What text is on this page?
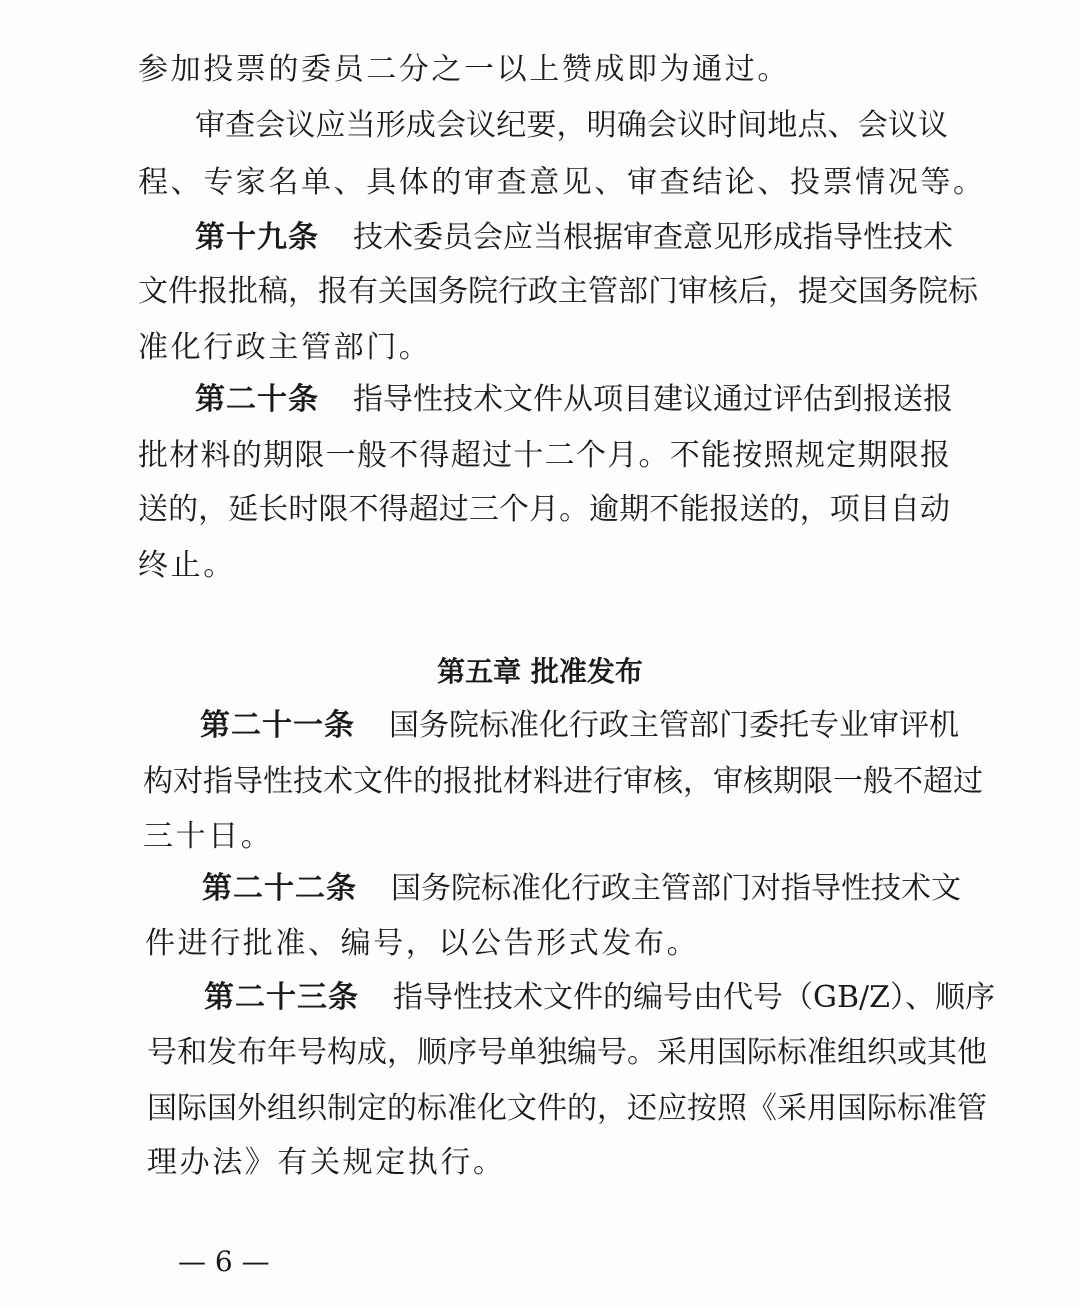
参加投票的委员二分之一以上赞成即为通过。
审查会议应当形成会议纪要，明确会议时间地点、会议议
程、专家名单、具体的审查意见、审查结论、投票情况等。
第十九条 技术委员会应当根据审查意见形成指导性技术
文件报批稿，报有关国务院行政主管部门审核后，提交国务院标
准化行政主管部门。
第二十条 指导性技术文件从项目建议通过评估到报送报
批材料的期限一般不得超过十二个月。不能按照规定期限报
送的，延长时限不得超过三个月。逾期不能报送的，项目自动
终止。
第五章 批准发布
第二十一条 国务院标准化行政主管部门委托专业审评机
构对指导性技术文件的报批材料进行审核，审核期限一般不超过
三十日。
第二十二条 国务院标准化行政主管部门对指导性技术文
件进行批准、编号，以公告形式发布。
第二十三条 指导性技术文件的编号由代号（GB/Z）、顺序
号和发布年号构成，顺序号单独编号。采用国际标准组织或其他
国际国外组织制定的标准化文件的，还应按照《采用国际标准管
理办法》有关规定执行。
— 6 —
